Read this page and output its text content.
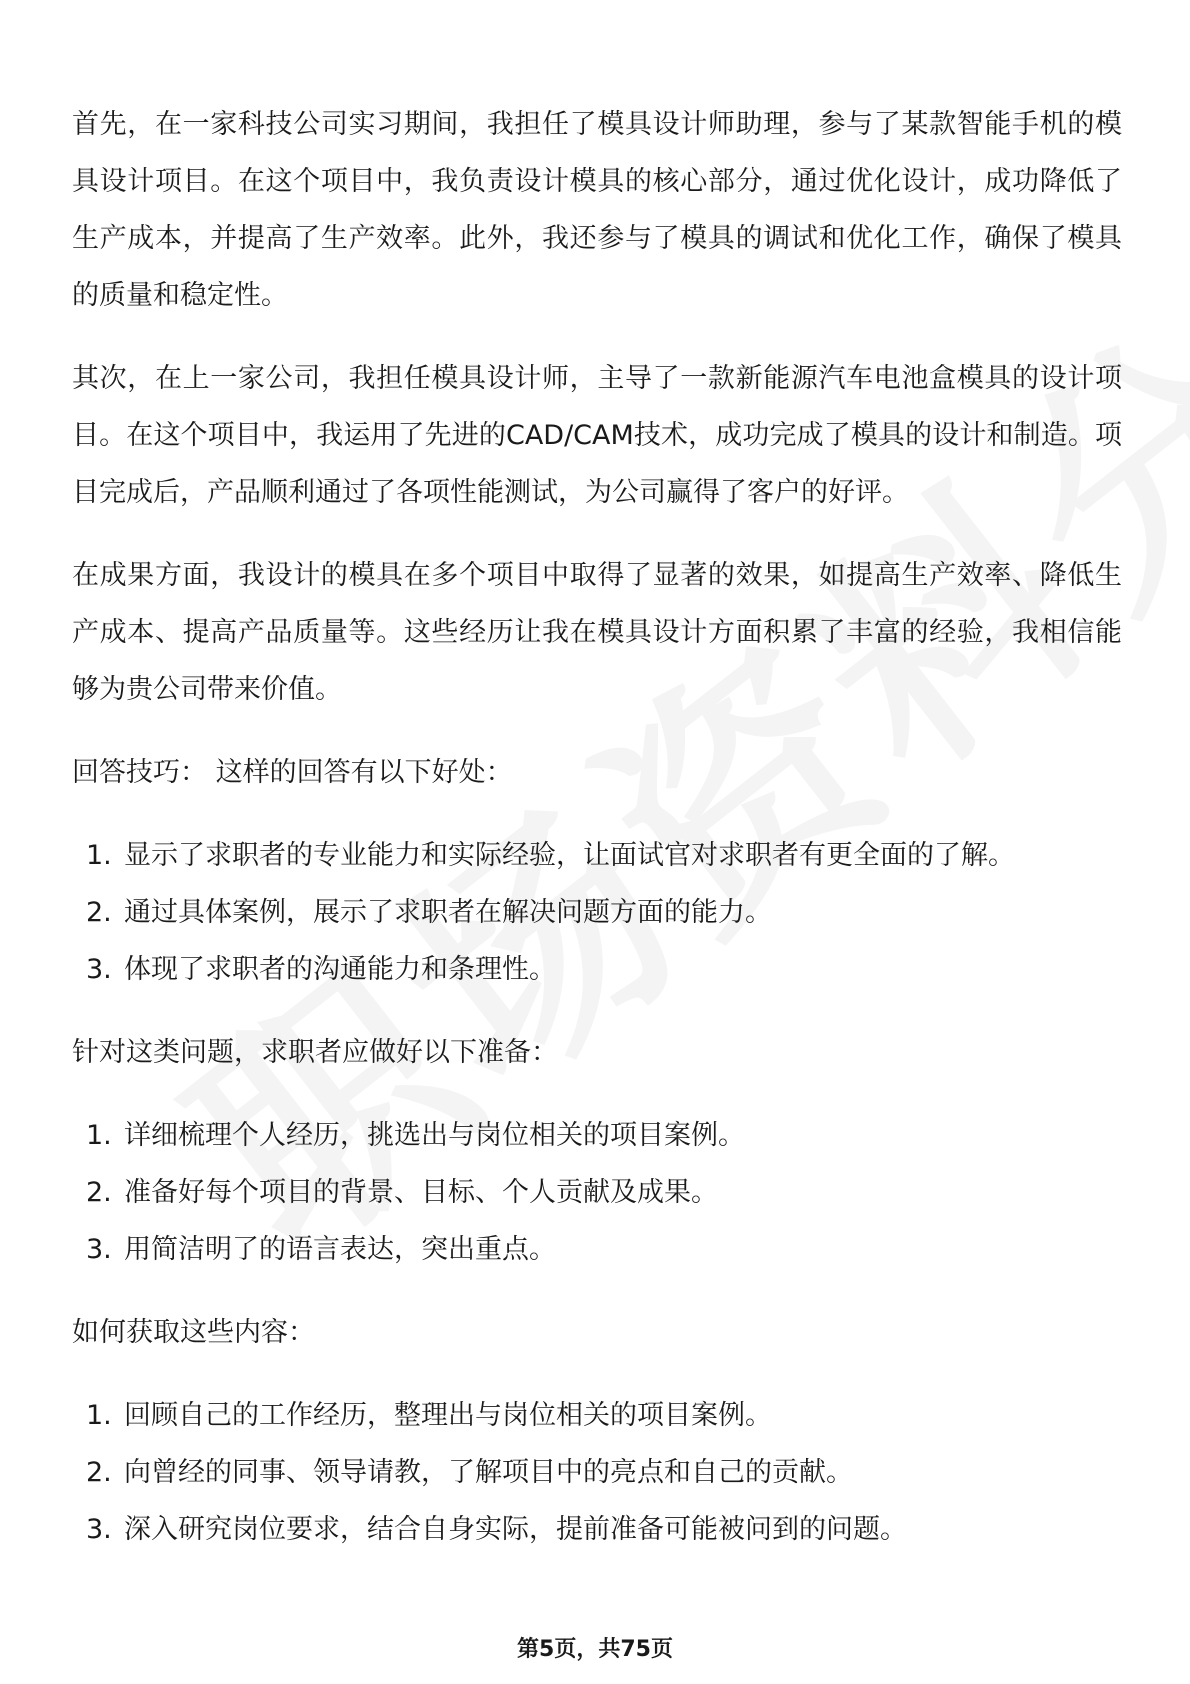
首先，在一家科技公司实习期间，我担任了模具设计师助理，参与了某款智能手机的模具设计项目。在这个项目中，我负责设计模具的核心部分，通过优化设计，成功降低了生产成本，并提高了生产效率。此外，我还参与了模具的调试和优化工作，确保了模具的质量和稳定性。

其次，在上一家公司，我担任模具设计师，主导了一款新能源汽车电池盒模具的设计项目。在这个项目中，我运用了先进的CAD/CAM技术，成功完成了模具的设计和制造。项目完成后，产品顺利通过了各项性能测试，为公司赢得了客户的好评。

在成果方面，我设计的模具在多个项目中取得了显著的效果，如提高生产效率、降低生产成本、提高产品质量等。这些经历让我在模具设计方面积累了丰富的经验，我相信能够为贵公司带来价值。

回答技巧： 这样的回答有以下好处：

1. 显示了求职者的专业能力和实际经验，让面试官对求职者有更全面的了解。
2. 通过具体案例，展示了求职者在解决问题方面的能力。
3. 体现了求职者的沟通能力和条理性。

针对这类问题，求职者应做好以下准备：

1. 详细梳理个人经历，挑选出与岗位相关的项目案例。
2. 准备好每个项目的背景、目标、个人贡献及成果。
3. 用简洁明了的语言表达，突出重点。

如何获取这些内容：

1. 回顾自己的工作经历，整理出与岗位相关的项目案例。
2. 向曾经的同事、领导请教，了解项目中的亮点和自己的贡献。
3. 深入研究岗位要求，结合自身实际，提前准备可能被问到的问题。
第5页，共75页
